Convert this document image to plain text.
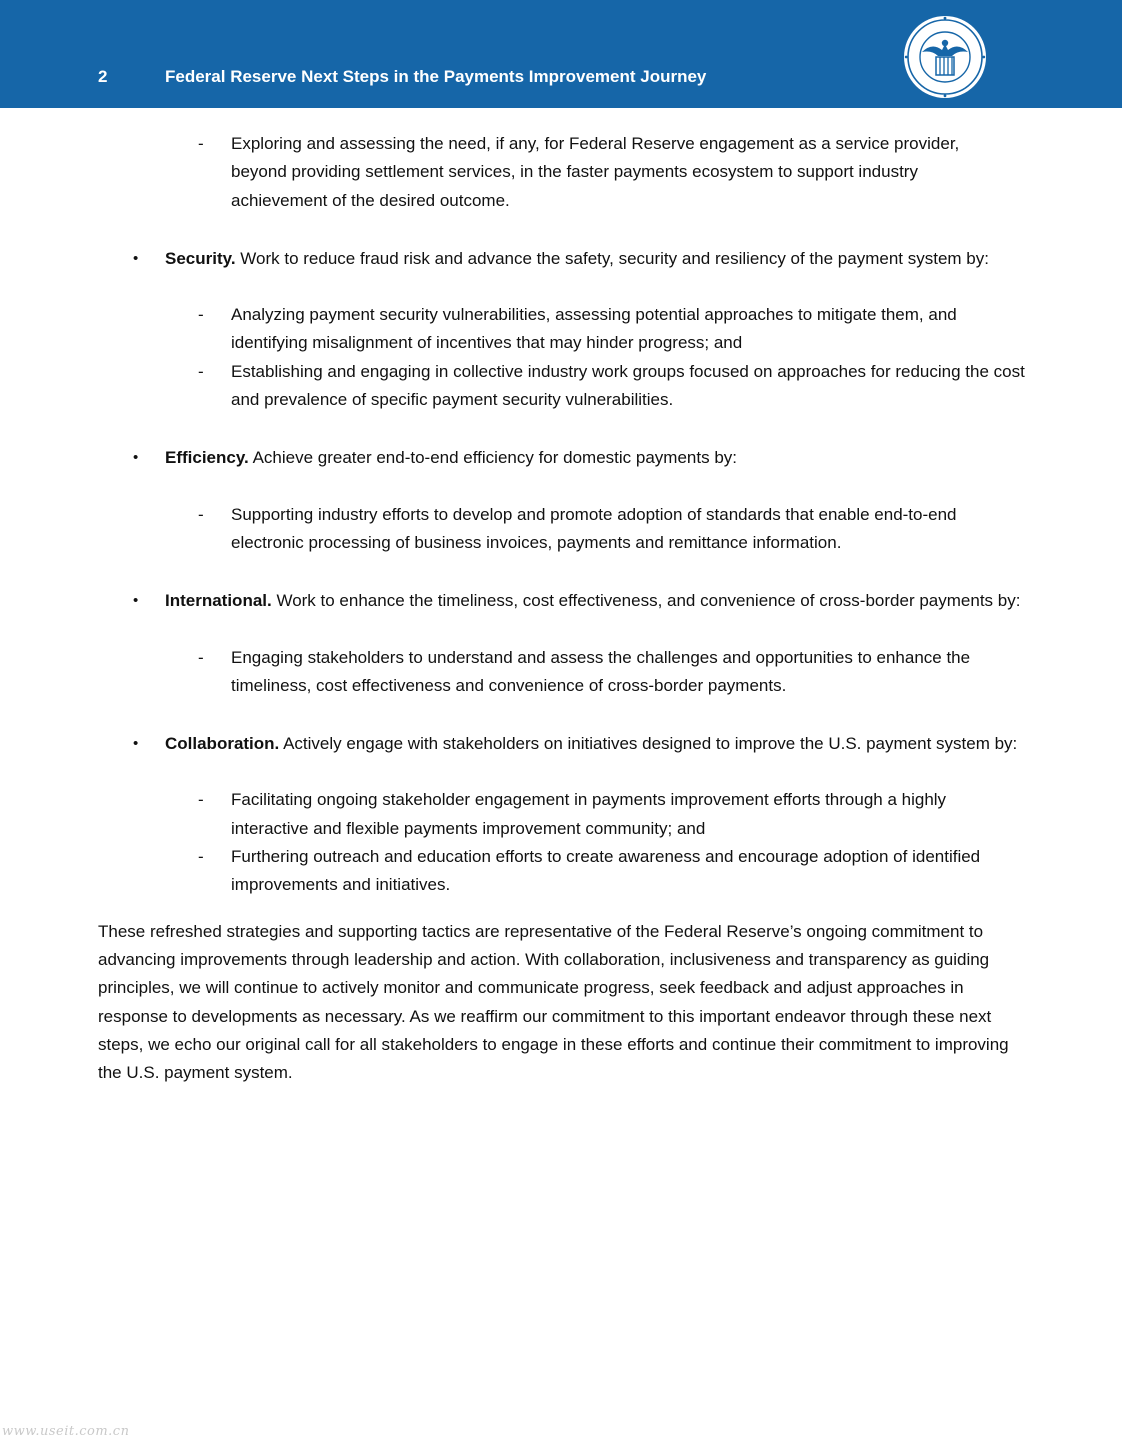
2	Federal Reserve Next Steps in the Payments Improvement Journey
- Exploring and assessing the need, if any, for Federal Reserve engagement as a service provider, beyond providing settlement services, in the faster payments ecosystem to support industry achievement of the desired outcome.
• Security. Work to reduce fraud risk and advance the safety, security and resiliency of the payment system by:
- Analyzing payment security vulnerabilities, assessing potential approaches to mitigate them, and identifying misalignment of incentives that may hinder progress; and
- Establishing and engaging in collective industry work groups focused on approaches for reducing the cost and prevalence of specific payment security vulnerabilities.
• Efficiency. Achieve greater end-to-end efficiency for domestic payments by:
- Supporting industry efforts to develop and promote adoption of standards that enable end-to-end electronic processing of business invoices, payments and remittance information.
• International. Work to enhance the timeliness, cost effectiveness, and convenience of cross-border payments by:
- Engaging stakeholders to understand and assess the challenges and opportunities to enhance the timeliness, cost effectiveness and convenience of cross-border payments.
• Collaboration. Actively engage with stakeholders on initiatives designed to improve the U.S. payment system by:
- Facilitating ongoing stakeholder engagement in payments improvement efforts through a highly interactive and flexible payments improvement community; and
- Furthering outreach and education efforts to create awareness and encourage adoption of identified improvements and initiatives.

These refreshed strategies and supporting tactics are representative of the Federal Reserve’s ongoing commitment to advancing improvements through leadership and action. With collaboration, inclusiveness and transparency as guiding principles, we will continue to actively monitor and communicate progress, seek feedback and adjust approaches in response to developments as necessary. As we reaffirm our commitment to this important endeavor through these next steps, we echo our original call for all stakeholders to engage in these efforts and continue their commitment to improving the U.S. payment system.

www.useit.com.cn
